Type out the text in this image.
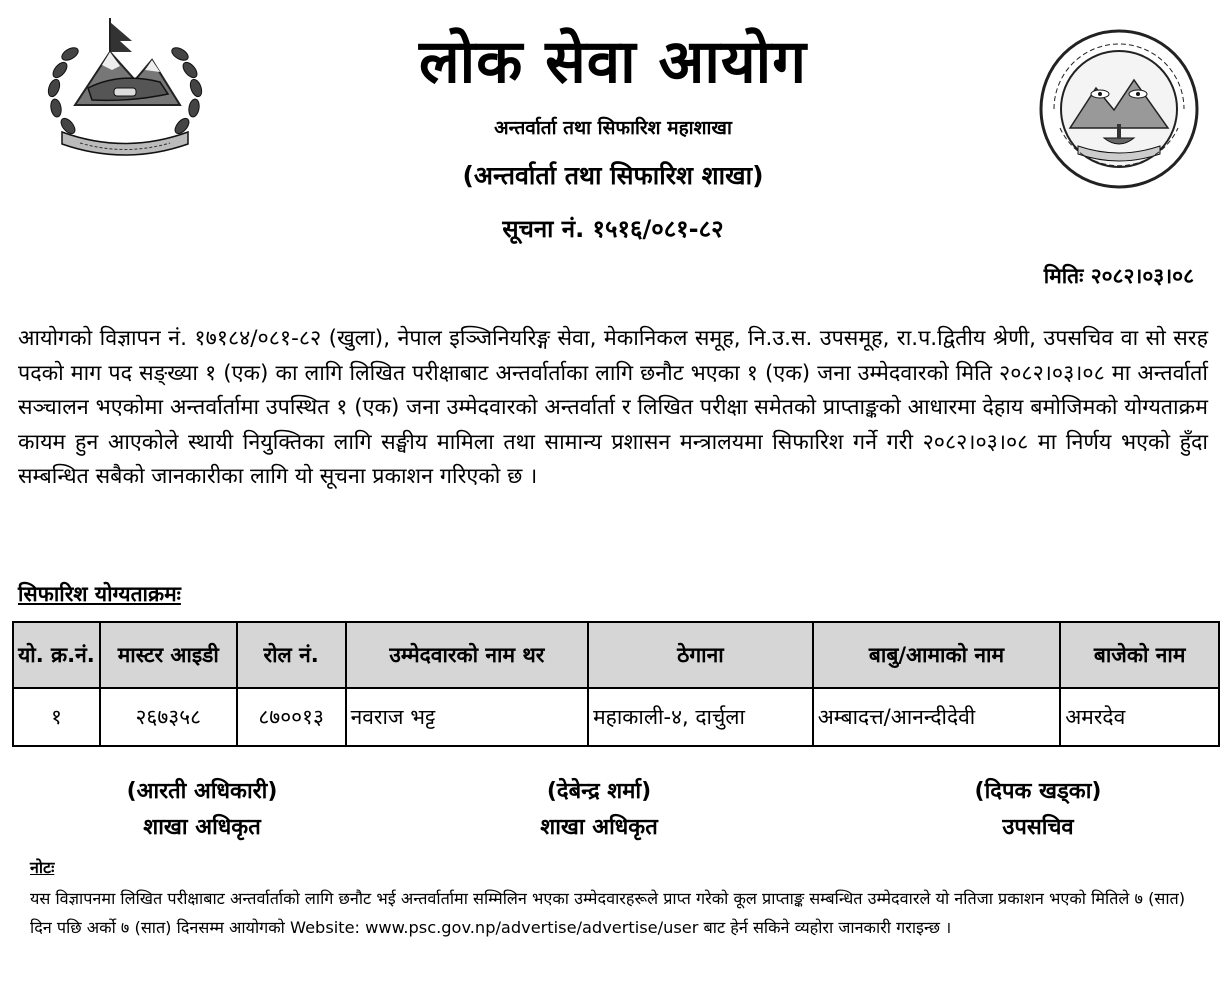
लोक सेवा आयोग
अन्तर्वार्ता तथा सिफारिश महाशाखा
(अन्तर्वार्ता तथा सिफारिश शाखा)
सूचना नं. १५१६/०८१-८२
मितिः २०८२।०३।०८
आयोगको विज्ञापन नं. १७१८४/०८१-८२ (खुला), नेपाल इञ्जिनियरिङ्ग सेवा, मेकानिकल समूह, नि.उ.स. उपसमूह, रा.प.द्वितीय श्रेणी, उपसचिव वा सो सरह पदको माग पद सङ्ख्या १ (एक) का लागि लिखित परीक्षाबाट अन्तर्वार्ताका लागि छनौट भएका १ (एक) जना उम्मेदवारको मिति २०८२।०३।०८ मा अन्तर्वार्ता सञ्चालन भएकोमा अन्तर्वार्तामा उपस्थित १ (एक) जना उम्मेदवारको अन्तर्वार्ता र लिखित परीक्षा समेतको प्राप्ताङ्कको आधारमा देहाय बमोजिमको योग्यताक्रम कायम हुन आएकोले स्थायी नियुक्तिका लागि सङ्घीय मामिला तथा सामान्य प्रशासन मन्त्रालयमा सिफारिश गर्ने गरी २०८२।०३।०८ मा निर्णय भएको हुँदा सम्बन्धित सबैको जानकारीका लागि यो सूचना प्रकाशन गरिएको छ ।
सिफारिश योग्यताक्रमः
यो. क्र.नं.	मास्टर आइडी	रोल नं.	उम्मेदवारको नाम थर	ठेगाना	बाबु/आमाको नाम	बाजेको नाम
१	२६७३५८	८७००१३	नवराज भट्ट	महाकाली-४, दार्चुला	अम्बादत्त/आनन्दीदेवी	अमरदेव
(आरती अधिकारी)
शाखा अधिकृत
(देबेन्द्र शर्मा)
शाखा अधिकृत
(दिपक खड्का)
उपसचिव
नोटः
यस विज्ञापनमा लिखित परीक्षाबाट अन्तर्वार्ताको लागि छनौट भई अन्तर्वार्तामा सम्मिलिन भएका उम्मेदवारहरूले प्राप्त गरेको कूल प्राप्ताङ्क सम्बन्धित उम्मेदवारले यो नतिजा प्रकाशन भएको मितिले ७ (सात) दिन पछि अर्को ७ (सात) दिनसम्म आयोगको Website: www.psc.gov.np/advertise/advertise/user बाट हेर्न सकिने व्यहोरा जानकारी गराइन्छ ।
